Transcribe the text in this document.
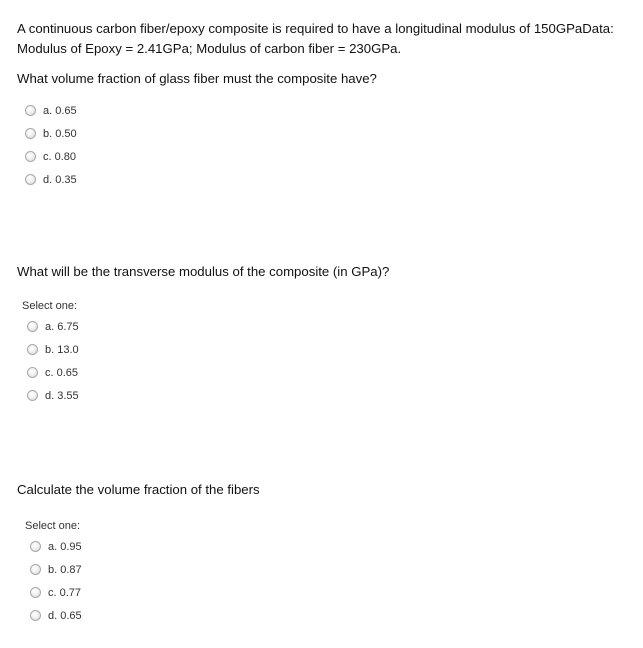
A continuous carbon fiber/epoxy composite is required to have a longitudinal modulus of 150GPaData:
Modulus of Epoxy = 2.41GPa; Modulus of carbon fiber = 230GPa.
What volume fraction of glass fiber must the composite have?
a. 0.65
b. 0.50
c. 0.80
d. 0.35
What will be the transverse modulus of the composite (in GPa)?
Select one:
a. 6.75
b. 13.0
c. 0.65
d. 3.55
Calculate the volume fraction of the fibers
Select one:
a. 0.95
b. 0.87
c. 0.77
d. 0.65
